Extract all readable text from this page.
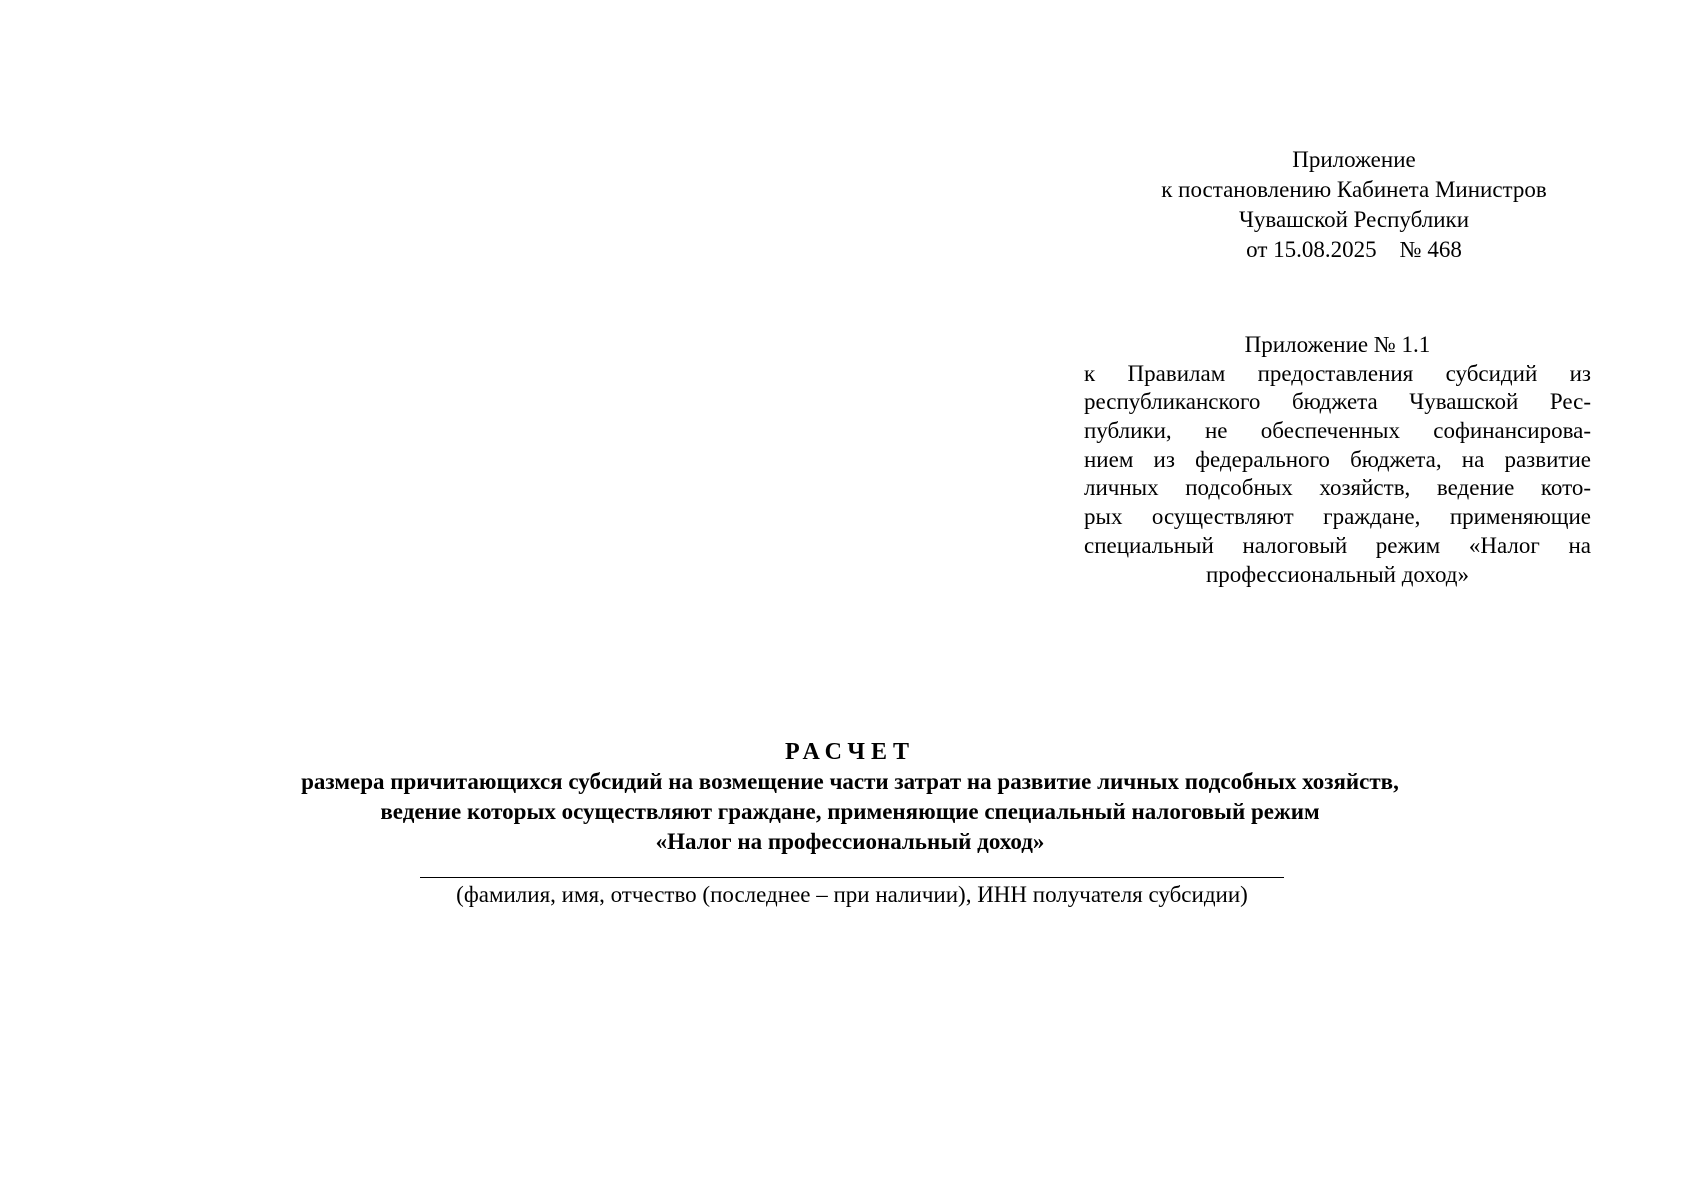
Приложение
к постановлению Кабинета Министров
Чувашской Республики
от 15.08.2025    № 468
Приложение № 1.1
к Правилам предоставления субсидий из
республиканского бюджета Чувашской Рес-
публики, не обеспеченных софинансирова-
нием из федерального бюджета, на развитие
личных подсобных хозяйств, ведение кото-
рых осуществляют граждане, применяющие
специальный налоговый режим «Налог на
профессиональный доход»
РАСЧЕТ
размера причитающихся субсидий на возмещение части затрат на развитие личных подсобных хозяйств,
ведение которых осуществляют граждане, применяющие специальный налоговый режим
«Налог на профессиональный доход»
(фамилия, имя, отчество (последнее – при наличии), ИНН получателя субсидии)
